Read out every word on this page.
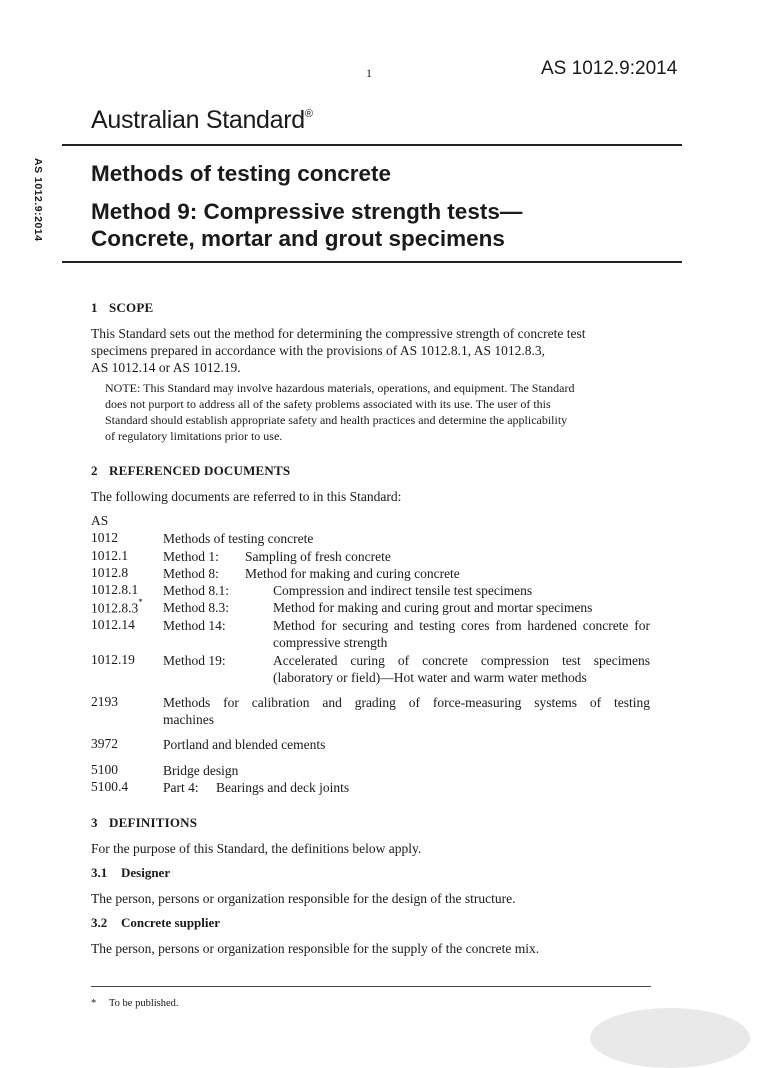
1	AS 1012.9:2014
AS 1012.9:2014
Australian Standard®
Methods of testing concrete
Method 9: Compressive strength tests—
Concrete, mortar and grout specimens
1 SCOPE
This Standard sets out the method for determining the compressive strength of concrete test
specimens prepared in accordance with the provisions of AS 1012.8.1, AS 1012.8.3,
AS 1012.14 or AS 1012.19.
NOTE: This Standard may involve hazardous materials, operations, and equipment. The Standard
does not purport to address all of the safety problems associated with its use. The user of this
Standard should establish appropriate safety and health practices and determine the applicability
of regulatory limitations prior to use.
2 REFERENCED DOCUMENTS
The following documents are referred to in this Standard:
AS
1012	Methods of testing concrete
1012.1	Method 1: Sampling of fresh concrete
1012.8	Method 8: Method for making and curing concrete
1012.8.1 Method 8.1:	Compression and indirect tensile test specimens
1012.8.3* Method 8.3:	Method for making and curing grout and mortar specimens
1012.14 Method 14:	Method for securing and testing cores from hardened concrete for
compressive strength
1012.19 Method 19:	Accelerated curing of concrete compression test specimens
(laboratory or field)—Hot water and warm water methods
2193	Methods for calibration and grading of force-measuring systems of testing
machines
3972	Portland and blended cements
5100	Bridge design
5100.4	Part 4: Bearings and deck joints
3 DEFINITIONS
For the purpose of this Standard, the definitions below apply.
3.1 Designer
The person, persons or organization responsible for the design of the structure.
3.2 Concrete supplier
The person, persons or organization responsible for the supply of the concrete mix.
* To be published.
